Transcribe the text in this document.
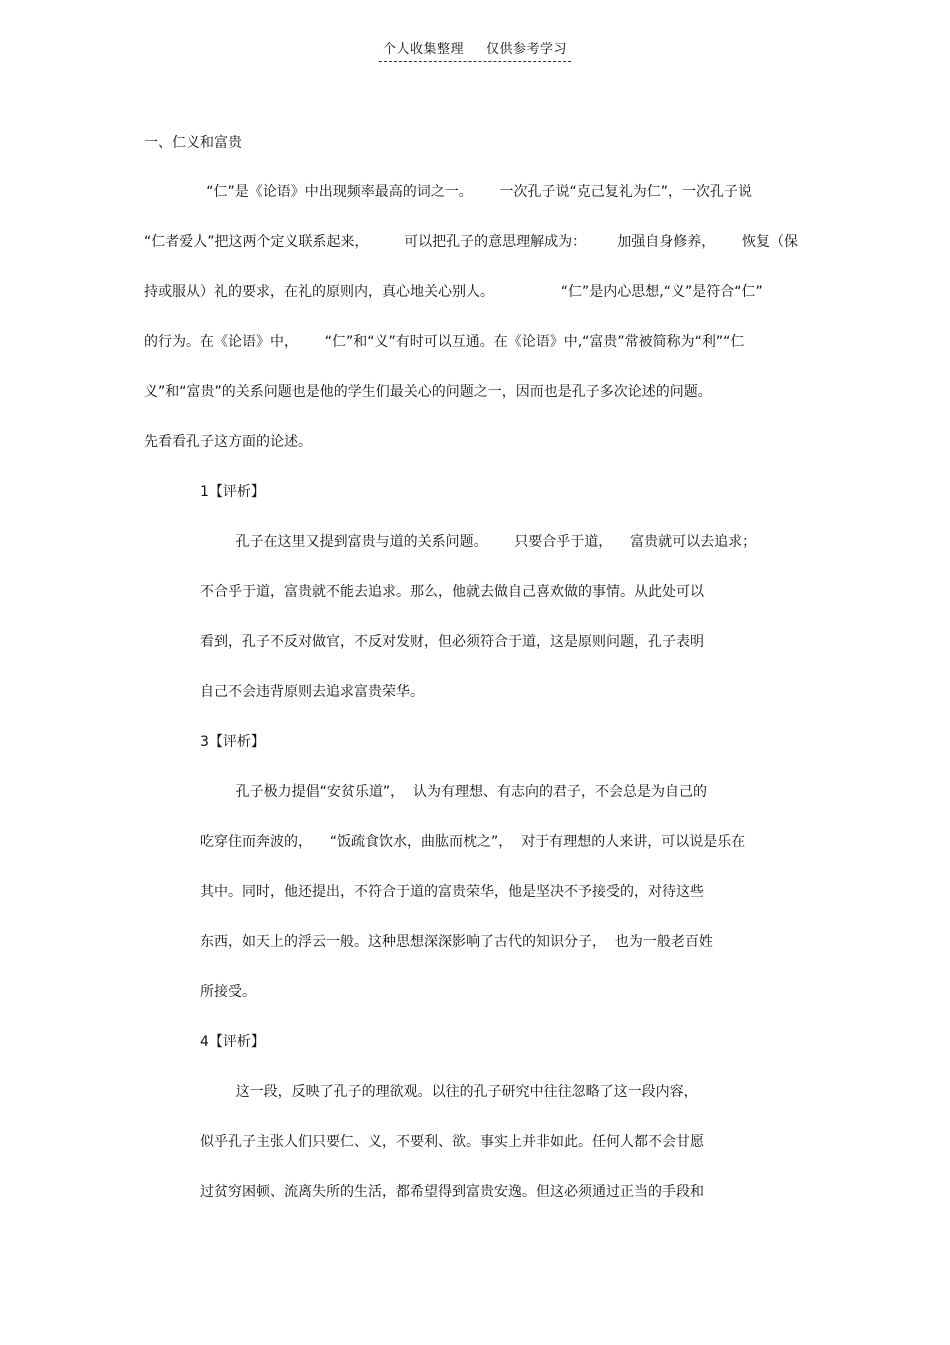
个人收集整理 仅供参考学习
一、仁义和富贵
“仁”是《论语》中出现频率最高的词之一。      一次孔子说“克己复礼为仁”，一次孔子说
“仁者爱人”把这两个定义联系起来，        可以把孔子的意思理解成为：       加强自身修养，      恢复（保
持或服从）礼的要求，在礼的原则内，真心地关心别人。               “仁”是内心思想,“义”是符合“仁”
的行为。在《论语》中，      “仁”和“义”有时可以互通。在《论语》中,“富贵”常被简称为“利”“仁
义”和“富贵”的关系问题也是他的学生们最关心的问题之一，因而也是孔子多次论述的问题。
先看看孔子这方面的论述。
1【评析】
孔子在这里又提到富贵与道的关系问题。      只要合乎于道，    富贵就可以去追求；
不合乎于道，富贵就不能去追求。那么，他就去做自己喜欢做的事情。从此处可以
看到，孔子不反对做官，不反对发财，但必须符合于道，这是原则问题，孔子表明
自己不会违背原则去追求富贵荣华。
3【评析】
孔子极力提倡“安贫乐道”，  认为有理想、有志向的君子，不会总是为自己的
吃穿住而奔波的，    “饭疏食饮水，曲肱而枕之”，  对于有理想的人来讲，可以说是乐在
其中。同时，他还提出，不符合于道的富贵荣华，他是坚决不予接受的，对待这些
东西，如天上的浮云一般。这种思想深深影响了古代的知识分子，  也为一般老百姓
所接受。
4【评析】
这一段，反映了孔子的理欲观。以往的孔子研究中往往忽略了这一段内容，
似乎孔子主张人们只要仁、义，不要利、欲。事实上并非如此。任何人都不会甘愿
过贫穷困顿、流离失所的生活，都希望得到富贵安逸。但这必须通过正当的手段和
